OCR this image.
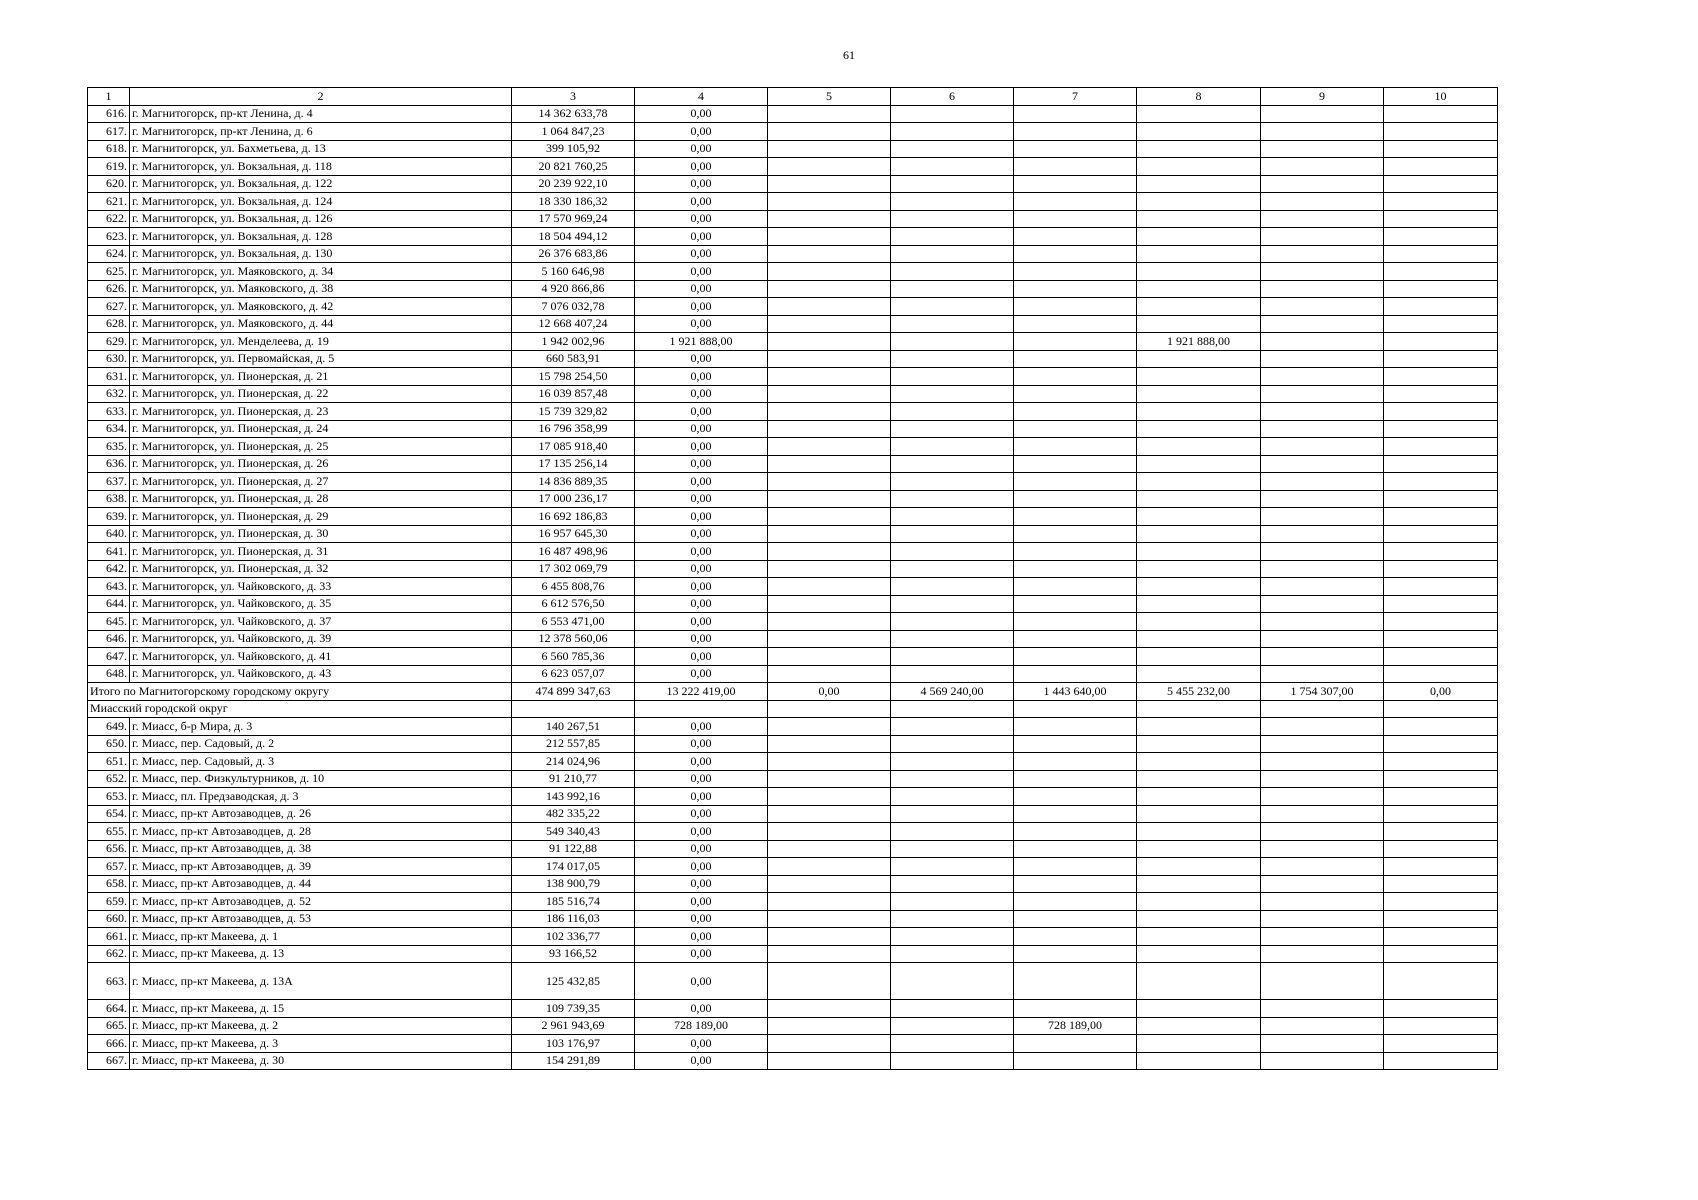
61
1	2	3	4	5	6	7	8	9	10
616.	г. Магнитогорск, пр-кт Ленина, д. 4	14 362 633,78	0,00						
617.	г. Магнитогорск, пр-кт Ленина, д. 6	1 064 847,23	0,00						
618.	г. Магнитогорск, ул. Бахметьева, д. 13	399 105,92	0,00						
619.	г. Магнитогорск, ул. Вокзальная, д. 118	20 821 760,25	0,00						
620.	г. Магнитогорск, ул. Вокзальная, д. 122	20 239 922,10	0,00						
621.	г. Магнитогорск, ул. Вокзальная, д. 124	18 330 186,32	0,00						
622.	г. Магнитогорск, ул. Вокзальная, д. 126	17 570 969,24	0,00						
623.	г. Магнитогорск, ул. Вокзальная, д. 128	18 504 494,12	0,00						
624.	г. Магнитогорск, ул. Вокзальная, д. 130	26 376 683,86	0,00						
625.	г. Магнитогорск, ул. Маяковского, д. 34	5 160 646,98	0,00						
626.	г. Магнитогорск, ул. Маяковского, д. 38	4 920 866,86	0,00						
627.	г. Магнитогорск, ул. Маяковского, д. 42	7 076 032,78	0,00						
628.	г. Магнитогорск, ул. Маяковского, д. 44	12 668 407,24	0,00						
629.	г. Магнитогорск, ул. Менделеева, д. 19	1 942 002,96	1 921 888,00				1 921 888,00		
630.	г. Магнитогорск, ул. Первомайская, д. 5	660 583,91	0,00						
631.	г. Магнитогорск, ул. Пионерская, д. 21	15 798 254,50	0,00						
632.	г. Магнитогорск, ул. Пионерская, д. 22	16 039 857,48	0,00						
633.	г. Магнитогорск, ул. Пионерская, д. 23	15 739 329,82	0,00						
634.	г. Магнитогорск, ул. Пионерская, д. 24	16 796 358,99	0,00						
635.	г. Магнитогорск, ул. Пионерская, д. 25	17 085 918,40	0,00						
636.	г. Магнитогорск, ул. Пионерская, д. 26	17 135 256,14	0,00						
637.	г. Магнитогорск, ул. Пионерская, д. 27	14 836 889,35	0,00						
638.	г. Магнитогорск, ул. Пионерская, д. 28	17 000 236,17	0,00						
639.	г. Магнитогорск, ул. Пионерская, д. 29	16 692 186,83	0,00						
640.	г. Магнитогорск, ул. Пионерская, д. 30	16 957 645,30	0,00						
641.	г. Магнитогорск, ул. Пионерская, д. 31	16 487 498,96	0,00						
642.	г. Магнитогорск, ул. Пионерская, д. 32	17 302 069,79	0,00						
643.	г. Магнитогорск, ул. Чайковского, д. 33	6 455 808,76	0,00						
644.	г. Магнитогорск, ул. Чайковского, д. 35	6 612 576,50	0,00						
645.	г. Магнитогорск, ул. Чайковского, д. 37	6 553 471,00	0,00						
646.	г. Магнитогорск, ул. Чайковского, д. 39	12 378 560,06	0,00						
647.	г. Магнитогорск, ул. Чайковского, д. 41	6 560 785,36	0,00						
648.	г. Магнитогорск, ул. Чайковского, д. 43	6 623 057,07	0,00						
Итого по Магнитогорскому городскому округу		474 899 347,63	13 222 419,00	0,00	4 569 240,00	1 443 640,00	5 455 232,00	1 754 307,00	0,00
Миасский городской округ									
649.	г. Миасс, б-р Мира, д. 3	140 267,51	0,00						
650.	г. Миасс, пер. Садовый, д. 2	212 557,85	0,00						
651.	г. Миасс, пер. Садовый, д. 3	214 024,96	0,00						
652.	г. Миасс, пер. Физкультурников, д. 10	91 210,77	0,00						
653.	г. Миасс, пл. Предзаводская, д. 3	143 992,16	0,00						
654.	г. Миасс, пр-кт Автозаводцев, д. 26	482 335,22	0,00						
655.	г. Миасс, пр-кт Автозаводцев, д. 28	549 340,43	0,00						
656.	г. Миасс, пр-кт Автозаводцев, д. 38	91 122,88	0,00						
657.	г. Миасс, пр-кт Автозаводцев, д. 39	174 017,05	0,00						
658.	г. Миасс, пр-кт Автозаводцев, д. 44	138 900,79	0,00						
659.	г. Миасс, пр-кт Автозаводцев, д. 52	185 516,74	0,00						
660.	г. Миасс, пр-кт Автозаводцев, д. 53	186 116,03	0,00						
661.	г. Миасс, пр-кт Макеева, д. 1	102 336,77	0,00						
662.	г. Миасс, пр-кт Макеева, д. 13	93 166,52	0,00						
663.	г. Миасс, пр-кт Макеева, д. 13А	125 432,85	0,00						
664.	г. Миасс, пр-кт Макеева, д. 15	109 739,35	0,00						
665.	г. Миасс, пр-кт Макеева, д. 2	2 961 943,69	728 189,00			728 189,00			
666.	г. Миасс, пр-кт Макеева, д. 3	103 176,97	0,00						
667.	г. Миасс, пр-кт Макеева, д. 30	154 291,89	0,00						
